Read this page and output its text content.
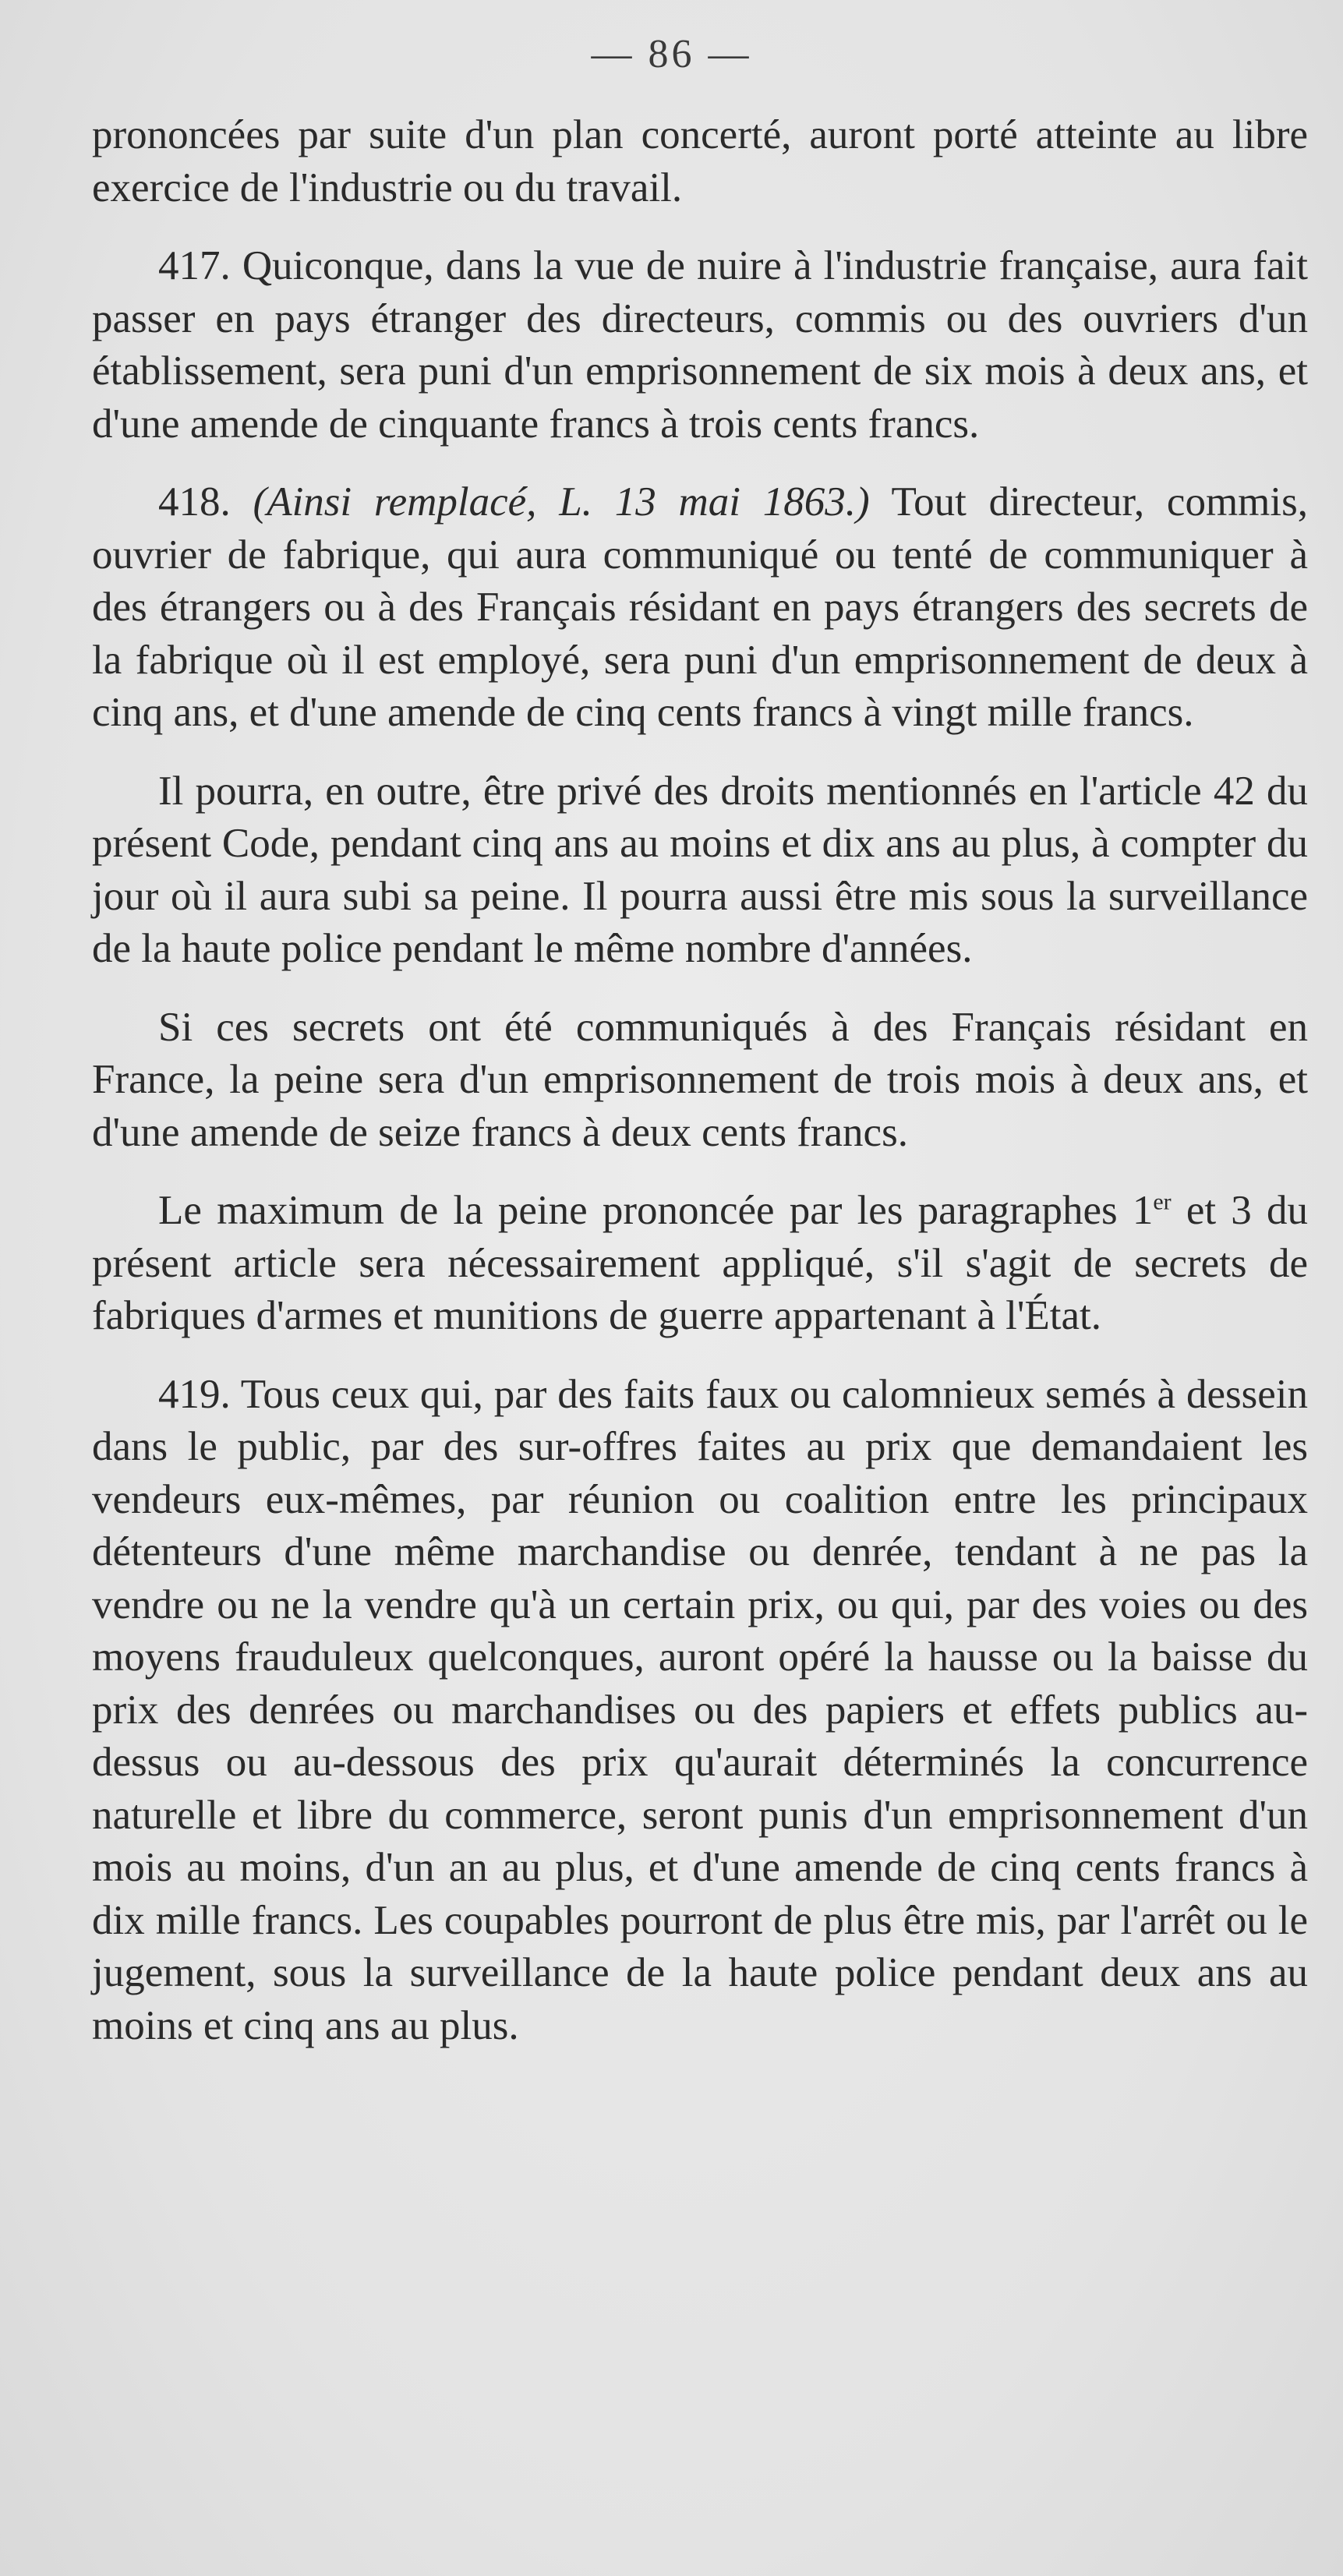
— 86 —

prononcées par suite d'un plan concerté, auront porté atteinte au libre exercice de l'industrie ou du travail.

417. Quiconque, dans la vue de nuire à l'industrie française, aura fait passer en pays étranger des directeurs, commis ou des ouvriers d'un établissement, sera puni d'un emprisonnement de six mois à deux ans, et d'une amende de cinquante francs à trois cents francs.

418. (Ainsi remplacé, L. 13 mai 1863.) Tout directeur, commis, ouvrier de fabrique, qui aura communiqué ou tenté de communiquer à des étrangers ou à des Français résidant en pays étrangers des secrets de la fabrique où il est employé, sera puni d'un emprisonnement de deux à cinq ans, et d'une amende de cinq cents francs à vingt mille francs.

Il pourra, en outre, être privé des droits mentionnés en l'article 42 du présent Code, pendant cinq ans au moins et dix ans au plus, à compter du jour où il aura subi sa peine. Il pourra aussi être mis sous la surveillance de la haute police pendant le même nombre d'années.

Si ces secrets ont été communiqués à des Français résidant en France, la peine sera d'un emprisonnement de trois mois à deux ans, et d'une amende de seize francs à deux cents francs.

Le maximum de la peine prononcée par les paragraphes 1er et 3 du présent article sera nécessairement appliqué, s'il s'agit de secrets de fabriques d'armes et munitions de guerre appartenant à l'État.

419. Tous ceux qui, par des faits faux ou calomnieux semés à dessein dans le public, par des sur-offres faites au prix que demandaient les vendeurs eux-mêmes, par réunion ou coalition entre les principaux détenteurs d'une même marchandise ou denrée, tendant à ne pas la vendre ou ne la vendre qu'à un certain prix, ou qui, par des voies ou des moyens frauduleux quelconques, auront opéré la hausse ou la baisse du prix des denrées ou marchandises ou des papiers et effets publics au-dessus ou au-dessous des prix qu'aurait déterminés la concurrence naturelle et libre du commerce, seront punis d'un emprisonnement d'un mois au moins, d'un an au plus, et d'une amende de cinq cents francs à dix mille francs. Les coupables pourront de plus être mis, par l'arrêt ou le jugement, sous la surveillance de la haute police pendant deux ans au moins et cinq ans au plus.
